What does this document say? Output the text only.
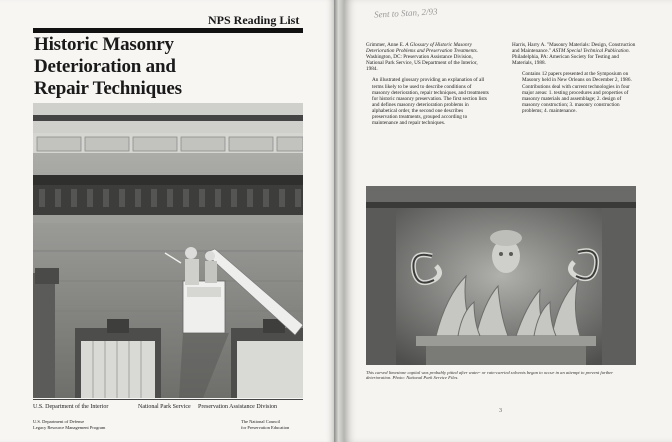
NPS Reading List
Historic Masonry
Deterioration and
Repair Techniques
U.S. Department of the Interior	National Park Service Preservation Assistance Division
U.S. Department of Defense
Legacy Resource Management Program
The National Council
for Preservation Education
Sent to Stan, 2/93

Grimmer, Anne E. A Glossary of Historic Masonry Deterioration Problems and Preservation Treatments. Washington, DC: Preservation Assistance Division, National Park Service, US Department of the Interior, 1984.

An illustrated glossary providing an explanation of all terms likely to be used to describe conditions of masonry deterioration, repair techniques, and treatments for historic masonry preservation. The first section lists and defines masonry deterioration problems in alphabetical order, the second one describes preservation treatments, grouped according to maintenance and repair techniques.

Harris, Harry A. "Masonry Materials: Design, Construction and Maintenance." ASTM Special Technical Publication. Philadelphia, PA: American Society for Testing and Materials, 1988.

Contains 12 papers presented at the Symposium on Masonry held in New Orleans on December 2, 1986. Contributions deal with current technologies in four major areas: 1. testing procedures and properties of masonry materials and assemblage; 2. design of masonry construction; 3. masonry construction problems; 4. maintenance.

This carved limestone capital was probably pitted after water- or rain-carried solvents began to occur in an attempt to prevent further deterioration. Photo: National Park Service Files.
3
